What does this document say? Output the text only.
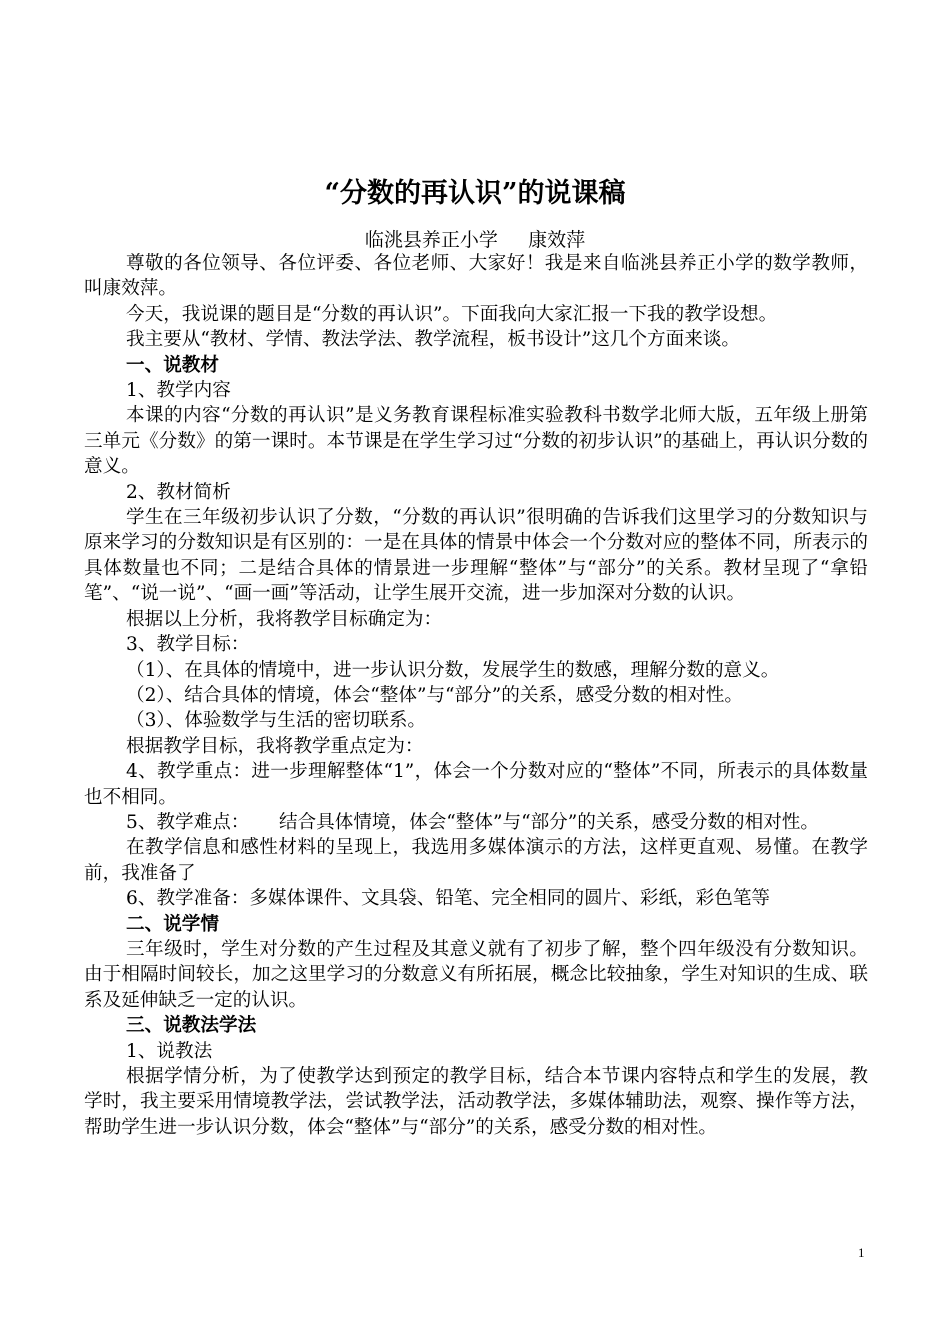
“分数的再认识”的说课稿
临洮县养正小学     康效萍

尊敬的各位领导、各位评委、各位老师、大家好！我是来自临洮县养正小学的数学教师，叫康效萍。

今天，我说课的题目是“分数的再认识”。下面我向大家汇报一下我的教学设想。

我主要从“教材、学情、教法学法、教学流程，板书设计”这几个方面来谈。

一、说教材

1、教学内容

本课的内容“分数的再认识”是义务教育课程标准实验教科书数学北师大版，五年级上册第三单元《分数》的第一课时。本节课是在学生学习过“分数的初步认识”的基础上，再认识分数的意义。

2、教材简析

学生在三年级初步认识了分数，“分数的再认识”很明确的告诉我们这里学习的分数知识与原来学习的分数知识是有区别的：一是在具体的情景中体会一个分数对应的整体不同，所表示的具体数量也不同；二是结合具体的情景进一步理解“整体”与“部分”的关系。教材呈现了“拿铅笔”、“说一说”、“画一画”等活动，让学生展开交流，进一步加深对分数的认识。

根据以上分析，我将教学目标确定为：

3、教学目标：

（1）、在具体的情境中，进一步认识分数，发展学生的数感，理解分数的意义。

（2）、结合具体的情境，体会“整体”与“部分”的关系，感受分数的相对性。

（3）、体验数学与生活的密切联系。

根据教学目标，我将教学重点定为：

4、教学重点：进一步理解整体“1”，体会一个分数对应的“整体”不同，所表示的具体数量也不相同。

5、教学难点：     结合具体情境，体会“整体”与“部分”的关系，感受分数的相对性。

在教学信息和感性材料的呈现上，我选用多媒体演示的方法，这样更直观、易懂。在教学前，我准备了

6、教学准备：多媒体课件、文具袋、铅笔、完全相同的圆片、彩纸，彩色笔等

二、说学情

三年级时，学生对分数的产生过程及其意义就有了初步了解，整个四年级没有分数知识。由于相隔时间较长，加之这里学习的分数意义有所拓展，概念比较抽象，学生对知识的生成、联系及延伸缺乏一定的认识。

三、说教法学法

1、说教法

根据学情分析，为了使教学达到预定的教学目标，结合本节课内容特点和学生的发展，教学时，我主要采用情境教学法，尝试教学法，活动教学法，多媒体辅助法，观察、操作等方法，帮助学生进一步认识分数，体会“整体”与“部分”的关系，感受分数的相对性。

1
